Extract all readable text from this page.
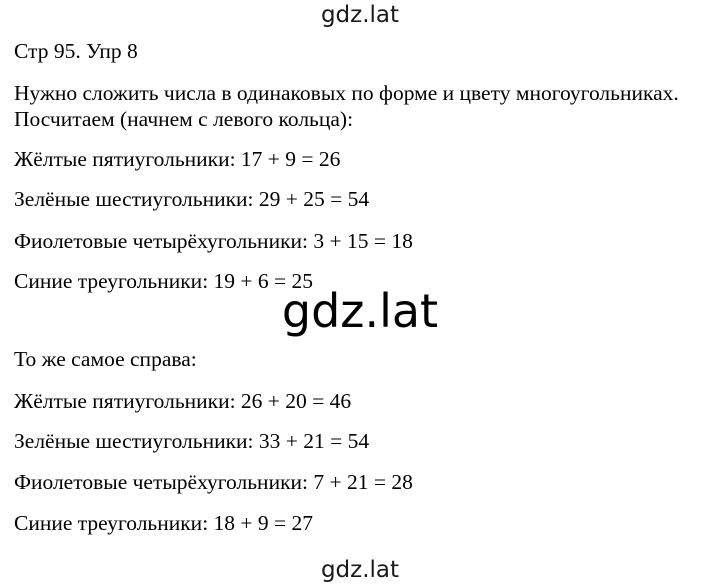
gdz.lat
Стр 95. Упр 8
Нужно сложить числа в одинаковых по форме и цвету многоугольниках.
Посчитаем (начнем с левого кольца):
Жёлтые пятиугольники: 17 + 9 = 26
Зелёные шестиугольники: 29 + 25 = 54
Фиолетовые четырёхугольники: 3 + 15 = 18
Синие треугольники: 19 + 6 = 25
gdz.lat
То же самое справа:
Жёлтые пятиугольники: 26 + 20 = 46
Зелёные шестиугольники: 33 + 21 = 54
Фиолетовые четырёхугольники: 7 + 21 = 28
Синие треугольники: 18 + 9 = 27
gdz.lat
